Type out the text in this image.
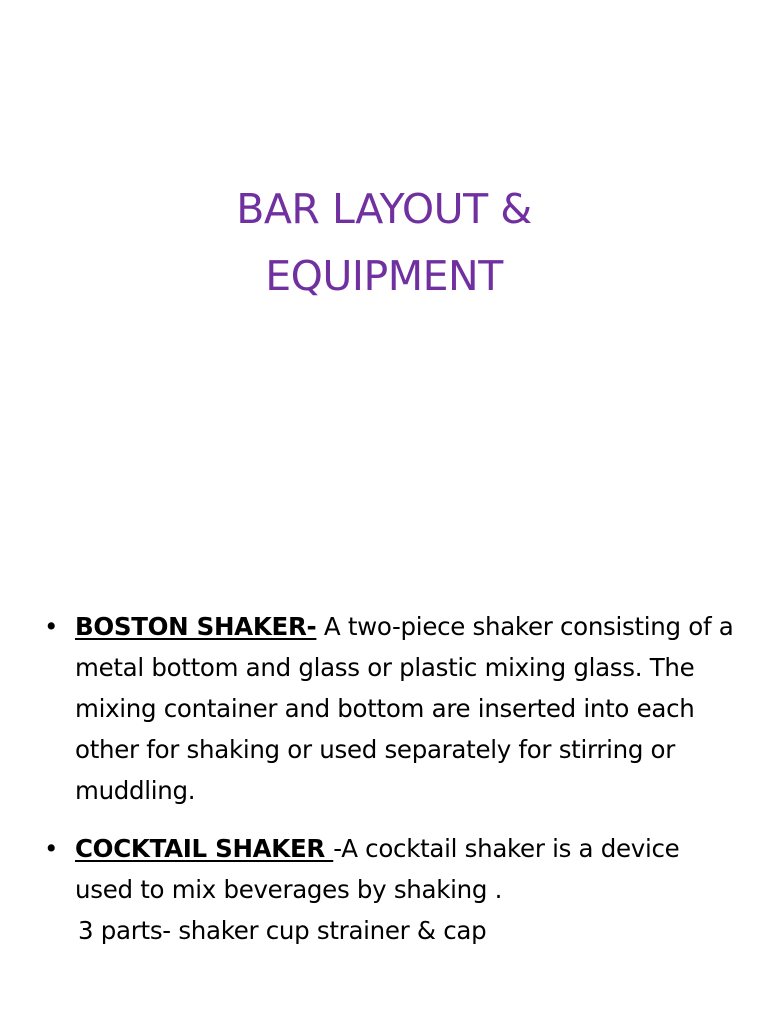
BAR LAYOUT &
EQUIPMENT

• BOSTON SHAKER- A two-piece shaker consisting of a metal bottom and glass or plastic mixing glass. The mixing container and bottom are inserted into each other for shaking or used separately for stirring or muddling.

• COCKTAIL SHAKER -A cocktail shaker is a device used to mix beverages by shaking .
3 parts- shaker cup strainer & cap
